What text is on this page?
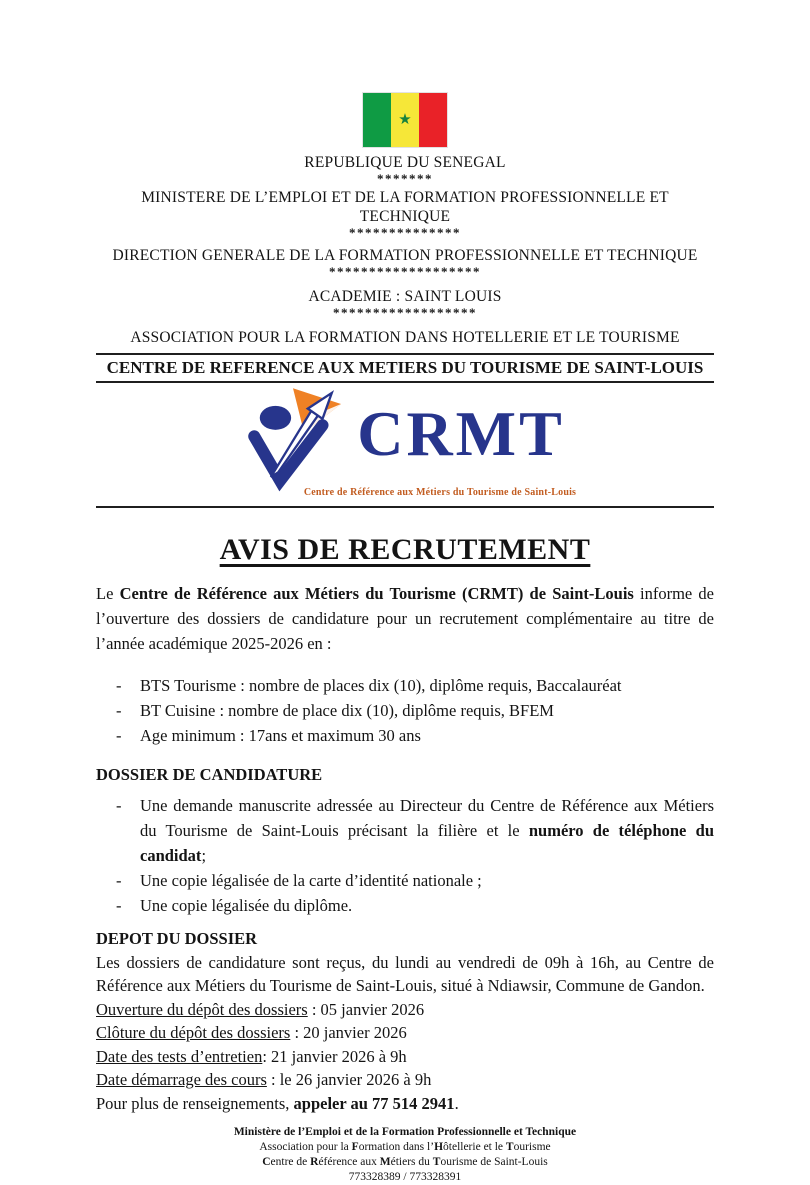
★
REPUBLIQUE DU SENEGAL
*******
MINISTERE DE L’EMPLOI ET DE LA FORMATION PROFESSIONNELLE ET TECHNIQUE
**************
DIRECTION GENERALE DE LA FORMATION PROFESSIONNELLE ET TECHNIQUE
*******************
ACADEMIE : SAINT LOUIS
******************
ASSOCIATION POUR LA FORMATION DANS HOTELLERIE ET LE TOURISME
CENTRE DE REFERENCE AUX METIERS DU TOURISME DE SAINT-LOUIS
CRMT
Centre de Référence aux Métiers du Tourisme de Saint-Louis
AVIS DE RECRUTEMENT

Le Centre de Référence aux Métiers du Tourisme (CRMT) de Saint-Louis informe de l’ouverture des dossiers de candidature pour un recrutement complémentaire au titre de l’année académique 2025-2026 en :

- BTS Tourisme : nombre de places dix (10), diplôme requis, Baccalauréat
- BT Cuisine : nombre de place dix (10), diplôme requis, BFEM
- Age minimum : 17ans et maximum 30 ans
DOSSIER DE CANDIDATURE
- Une demande manuscrite adressée au Directeur du Centre de Référence aux Métiers du Tourisme de Saint-Louis précisant la filière et le numéro de téléphone du candidat;
- Une copie légalisée de la carte d’identité nationale ;
- Une copie légalisée du diplôme.
DEPOT DU DOSSIER

Les dossiers de candidature sont reçus, du lundi au vendredi de 09h à 16h, au Centre de Référence aux Métiers du Tourisme de Saint-Louis, situé à Ndiawsir, Commune de Gandon.

Ouverture du dépôt des dossiers : 05 janvier 2026
Clôture du dépôt des dossiers : 20 janvier 2026
Date des tests d’entretien: 21 janvier 2026 à 9h
Date démarrage des cours : le 26 janvier 2026 à 9h
Pour plus de renseignements, appeler au 77 514 2941.
Ministère de l’Emploi et de la Formation Professionnelle et Technique
Association pour la Formation dans l’Hôtellerie et le Tourisme
Centre de Référence aux Métiers du Tourisme de Saint-Louis
773328389 / 773328391
